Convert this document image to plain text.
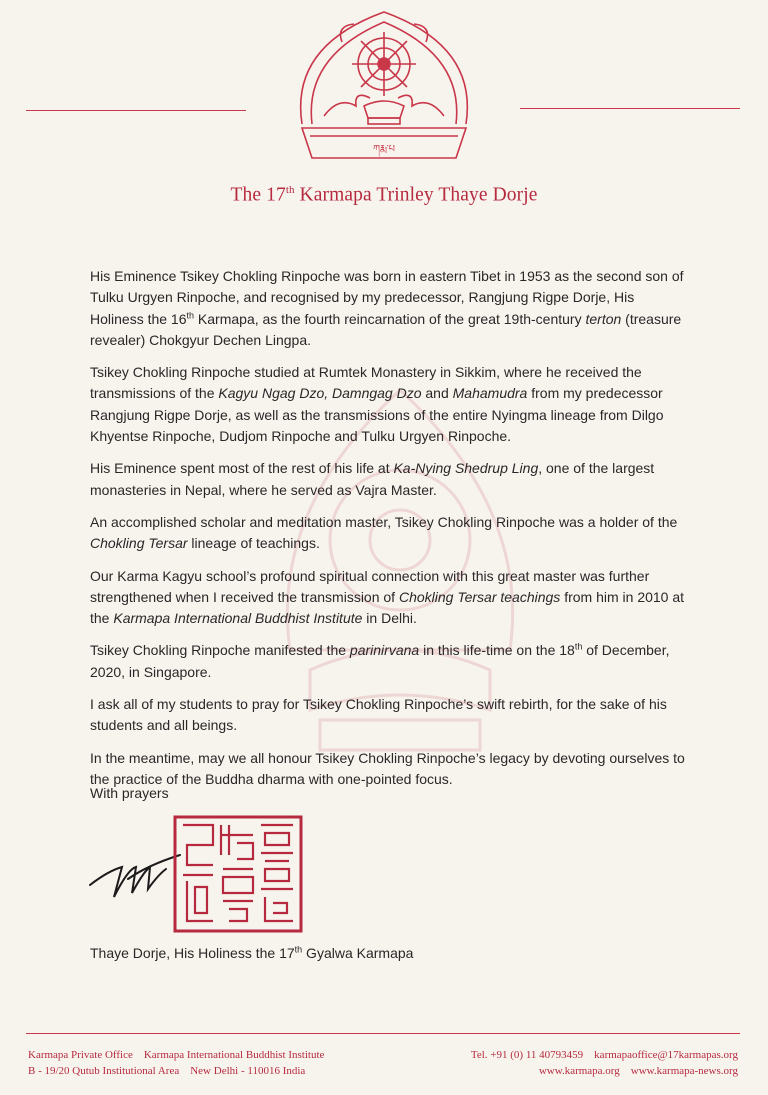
ཀརྨ་པ
The 17th Karmapa Trinley Thaye Dorje

His Eminence Tsikey Chokling Rinpoche was born in eastern Tibet in 1953 as the second son of Tulku Urgyen Rinpoche, and recognised by my predecessor, Rangjung Rigpe Dorje, His Holiness the 16th Karmapa, as the fourth reincarnation of the great 19th-century terton (treasure revealer) Chokgyur Dechen Lingpa.

Tsikey Chokling Rinpoche studied at Rumtek Monastery in Sikkim, where he received the transmissions of the Kagyu Ngag Dzo, Damngag Dzo and Mahamudra from my predecessor Rangjung Rigpe Dorje, as well as the transmissions of the entire Nyingma lineage from Dilgo Khyentse Rinpoche, Dudjom Rinpoche and Tulku Urgyen Rinpoche.

His Eminence spent most of the rest of his life at Ka-Nying Shedrup Ling, one of the largest monasteries in Nepal, where he served as Vajra Master.

An accomplished scholar and meditation master, Tsikey Chokling Rinpoche was a holder of the Chokling Tersar lineage of teachings.

Our Karma Kagyu school’s profound spiritual connection with this great master was further strengthened when I received the transmission of Chokling Tersar teachings from him in 2010 at the Karmapa International Buddhist Institute in Delhi.

Tsikey Chokling Rinpoche manifested the parinirvana in this life-time on the 18th of December, 2020, in Singapore.

I ask all of my students to pray for Tsikey Chokling Rinpoche’s swift rebirth, for the sake of his students and all beings.

In the meantime, may we all honour Tsikey Chokling Rinpoche’s legacy by devoting ourselves to the practice of the Buddha dharma with one-pointed focus.

With prayers
Thaye Dorje, His Holiness the 17th Gyalwa Karmapa
Karmapa Private Office    Karmapa International Buddhist Institute
B - 19/20 Qutub Institutional Area    New Delhi - 110016 India
Tel. +91 (0) 11 40793459    karmapaoffice@17karmapas.org
www.karmapa.org    www.karmapa-news.org
